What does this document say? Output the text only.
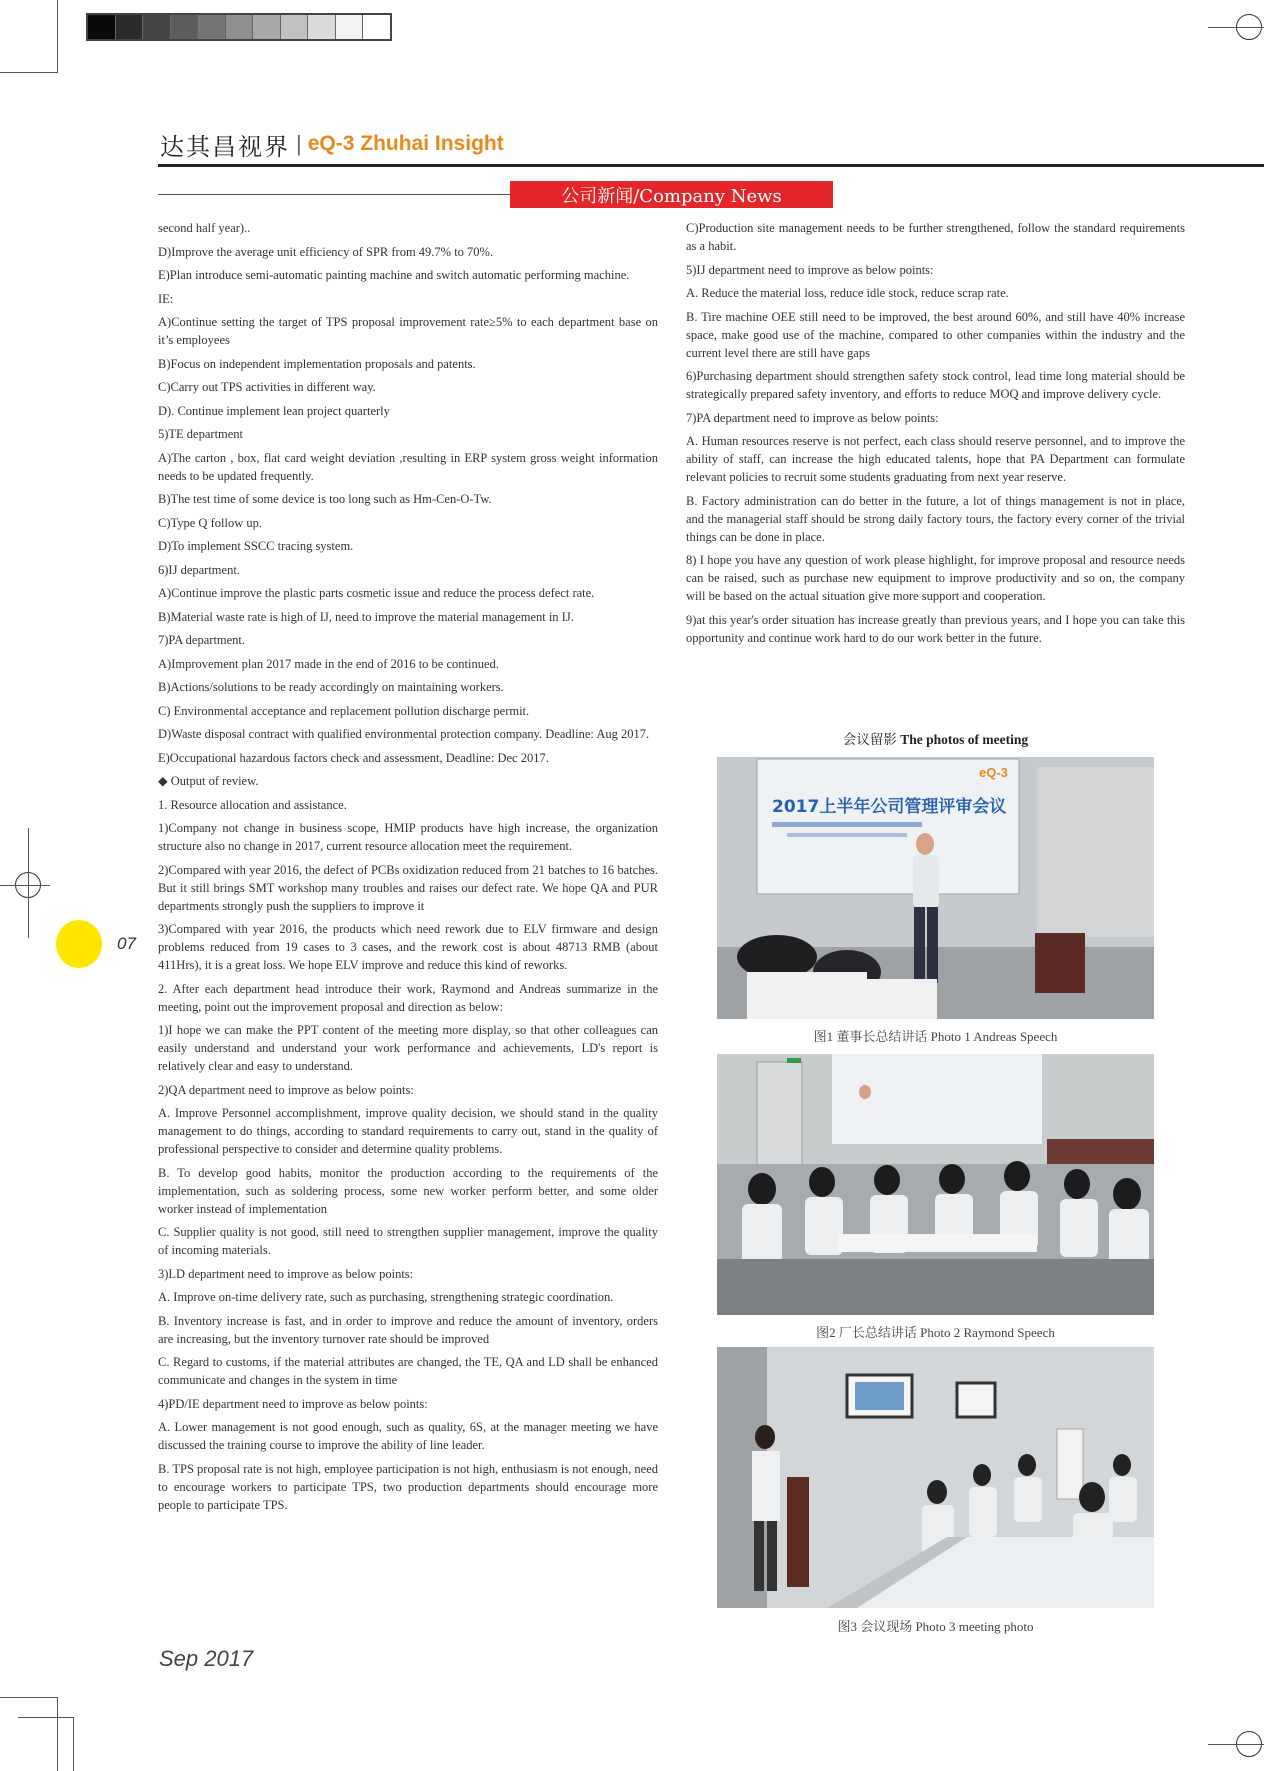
达其昌视界 | eQ-3 Zhuhai Insight
公司新闻/Company News

second half year)..

D)Improve the average unit efficiency of SPR from 49.7% to 70%.

E)Plan introduce semi-automatic painting machine and switch automatic performing machine.

IE:

A)Continue setting the target of TPS proposal improvement rate≥5% to each department base on it’s employees

B)Focus on independent implementation proposals and patents.

C)Carry out TPS activities in different way.

D). Continue implement lean project quarterly

5)TE department

A)The carton , box, flat card weight deviation ,resulting in ERP system gross weight information needs to be updated frequently.

B)The test time of some device is too long such as Hm-Cen-O-Tw.

C)Type Q follow up.

D)To implement SSCC tracing system.

6)IJ department.

A)Continue improve the plastic parts cosmetic issue and reduce the process defect rate.

B)Material waste rate is high of IJ, need to improve the material management in IJ.

7)PA department.

A)Improvement plan 2017 made in the end of 2016 to be continued.

B)Actions/solutions to be ready accordingly on maintaining workers.

C) Environmental acceptance and replacement pollution discharge permit.

D)Waste disposal contract with qualified environmental protection company. Deadline: Aug 2017.

E)Occupational hazardous factors check and assessment, Deadline: Dec 2017.

◆ Output of review.

1. Resource allocation and assistance.

1)Company not change in business scope, HMIP products have high increase, the organization structure also no change in 2017, current resource allocation meet the requirement.

2)Compared with year 2016, the defect of PCBs oxidization reduced from 21 batches to 16 batches. But it still brings SMT workshop many troubles and raises our defect rate. We hope QA and PUR departments strongly push the suppliers to improve it

3)Compared with year 2016, the products which need rework due to ELV firmware and design problems reduced from 19 cases to 3 cases, and the rework cost is about 48713 RMB (about 411Hrs), it is a great loss. We hope ELV improve and reduce this kind of reworks.

2. After each department head introduce their work, Raymond and Andreas summarize in the meeting, point out the improvement proposal and direction as below:

1)I hope we can make the PPT content of the meeting more display, so that other colleagues can easily understand and understand your work performance and achievements, LD's report is relatively clear and easy to understand.

2)QA department need to improve as below points:

A. Improve Personnel accomplishment, improve quality decision, we should stand in the quality management to do things, according to standard requirements to carry out, stand in the quality of professional perspective to consider and determine quality problems.

B. To develop good habits, monitor the production according to the requirements of the implementation, such as soldering process, some new worker perform better, and some older worker instead of implementation

C. Supplier quality is not good, still need to strengthen supplier management, improve the quality of incoming materials.

3)LD department need to improve as below points:

A. Improve on-time delivery rate, such as purchasing, strengthening strategic coordination.

B. Inventory increase is fast, and in order to improve and reduce the amount of inventory, orders are increasing, but the inventory turnover rate should be improved

C. Regard to customs, if the material attributes are changed, the TE, QA and LD shall be enhanced communicate and changes in the system in time

4)PD/IE department need to improve as below points:

A. Lower management is not good enough, such as quality, 6S, at the manager meeting we have discussed the training course to improve the ability of line leader.

B. TPS proposal rate is not high, employee participation is not high, enthusiasm is not enough, need to encourage workers to participate TPS, two production departments should encourage more people to participate TPS.

C)Production site management needs to be further strengthened, follow the standard requirements as a habit.

5)IJ department need to improve as below points:

A. Reduce the material loss, reduce idle stock, reduce scrap rate.

B. Tire machine OEE still need to be improved, the best around 60%, and still have 40% increase space, make good use of the machine, compared to other companies within the industry and the current level there are still have gaps

6)Purchasing department should strengthen safety stock control, lead time long material should be strategically prepared safety inventory, and efforts to reduce MOQ and improve delivery cycle.

7)PA department need to improve as below points:

A. Human resources reserve is not perfect, each class should reserve personnel, and to improve the ability of staff, can increase the high educated talents, hope that PA Department can formulate relevant policies to recruit some students graduating from next year reserve.

B. Factory administration can do better in the future, a lot of things management is not in place, and the managerial staff should be strong daily factory tours, the factory every corner of the trivial things can be done in place.

8) I hope you have any question of work please highlight, for improve proposal and resource needs can be raised, such as purchase new equipment to improve productivity and so on, the company will be based on the actual situation give more support and cooperation.

9)at this year's order situation has increase greatly than previous years, and I hope you can take this opportunity and continue work hard to do our work better in the future.

会议留影 The photos of meeting
eQ-3
2017上半年公司管理评审会议
图1 董事长总结讲话 Photo 1 Andreas Speech
图2 厂长总结讲话 Photo 2 Raymond Speech
图3 会议现场 Photo 3 meeting photo
07
Sep 2017
